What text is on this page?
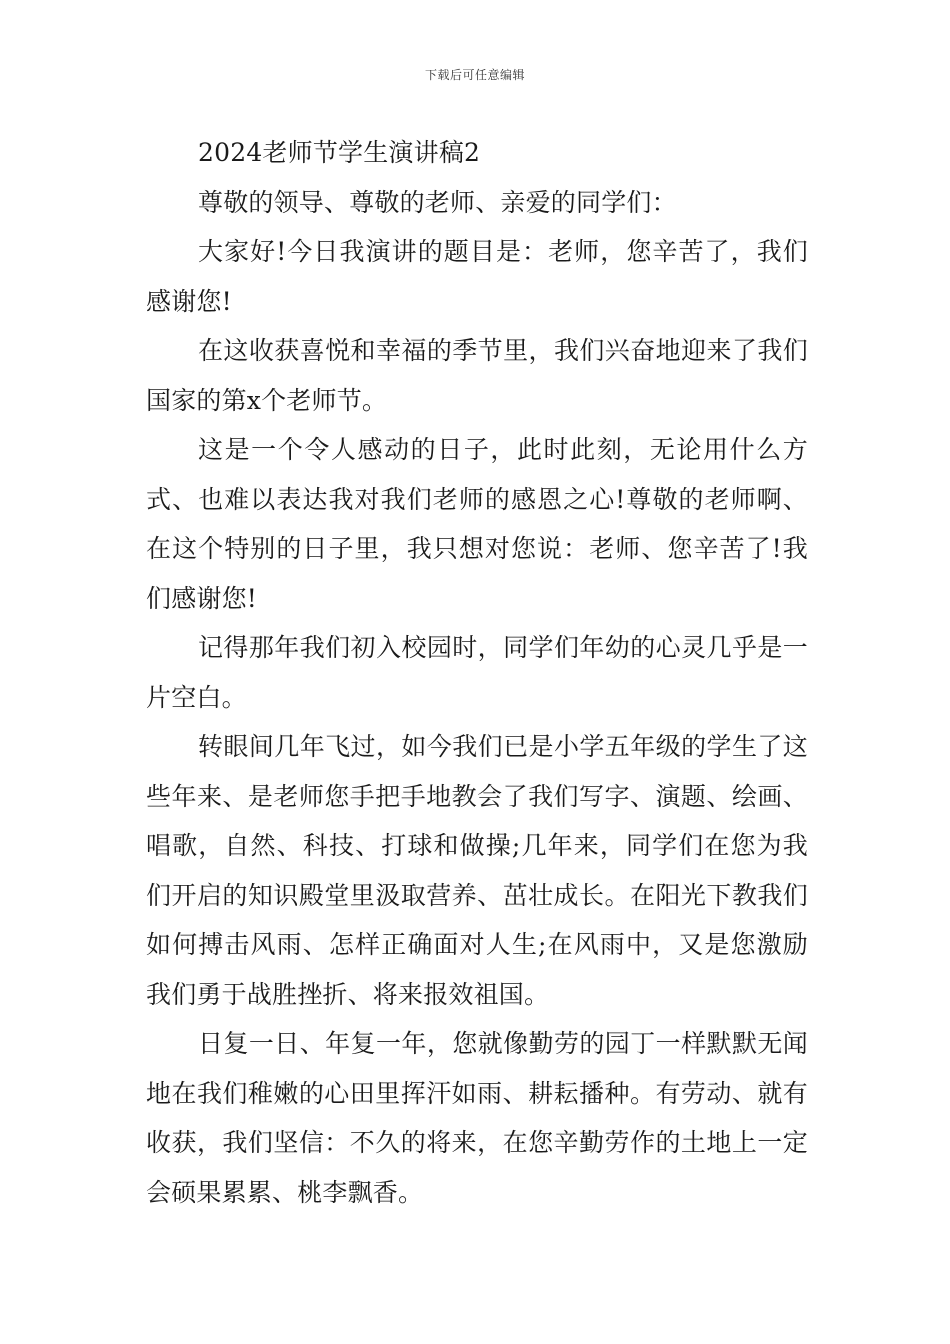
下载后可任意编辑

2024老师节学生演讲稿2

尊敬的领导、尊敬的老师、亲爱的同学们：

大家好!今日我演讲的题目是：老师，您辛苦了，我们感谢您!

在这收获喜悦和幸福的季节里，我们兴奋地迎来了我们国家的第x个老师节。

这是一个令人感动的日子，此时此刻，无论用什么方式、也难以表达我对我们老师的感恩之心!尊敬的老师啊、在这个特别的日子里，我只想对您说：老师、您辛苦了!我们感谢您!

记得那年我们初入校园时，同学们年幼的心灵几乎是一片空白。

转眼间几年飞过，如今我们已是小学五年级的学生了这些年来、是老师您手把手地教会了我们写字、演题、绘画、唱歌，自然、科技、打球和做操;几年来，同学们在您为我们开启的知识殿堂里汲取营养、茁壮成长。在阳光下教我们如何搏击风雨、怎样正确面对人生;在风雨中，又是您激励我们勇于战胜挫折、将来报效祖国。

日复一日、年复一年，您就像勤劳的园丁一样默默无闻地在我们稚嫩的心田里挥汗如雨、耕耘播种。有劳动、就有收获，我们坚信：不久的将来，在您辛勤劳作的土地上一定会硕果累累、桃李飘香。
